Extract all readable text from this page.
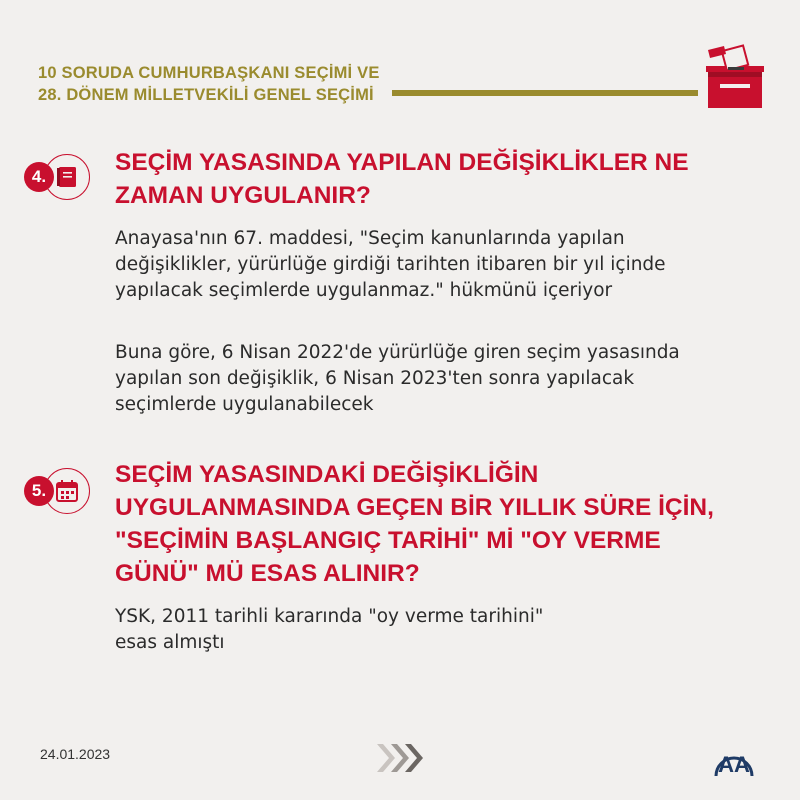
10 SORUDA CUMHURBAŞKANI SEÇİMİ VE
28. DÖNEM MİLLETVEKİLİ GENEL SEÇİMİ
4.
SEÇİM YASASINDA YAPILAN DEĞİŞİKLİKLER NE
ZAMAN UYGULANIR?
Anayasa'nın 67. maddesi, "Seçim kanunlarında yapılan
değişiklikler, yürürlüğe girdiği tarihten itibaren bir yıl içinde
yapılacak seçimlerde uygulanmaz." hükmünü içeriyor
Buna göre, 6 Nisan 2022'de yürürlüğe giren seçim yasasında
yapılan son değişiklik, 6 Nisan 2023'ten sonra yapılacak
seçimlerde uygulanabilecek
5.
SEÇİM YASASINDAKİ DEĞİŞİKLİĞİN
UYGULANMASINDA GEÇEN BİR YILLIK SÜRE İÇİN,
"SEÇİMİN BAŞLANGIÇ TARİHİ" Mİ "OY VERME
GÜNÜ" MÜ ESAS ALINIR?
YSK, 2011 tarihli kararında "oy verme tarihini"
esas almıştı
24.01.2023	AA
